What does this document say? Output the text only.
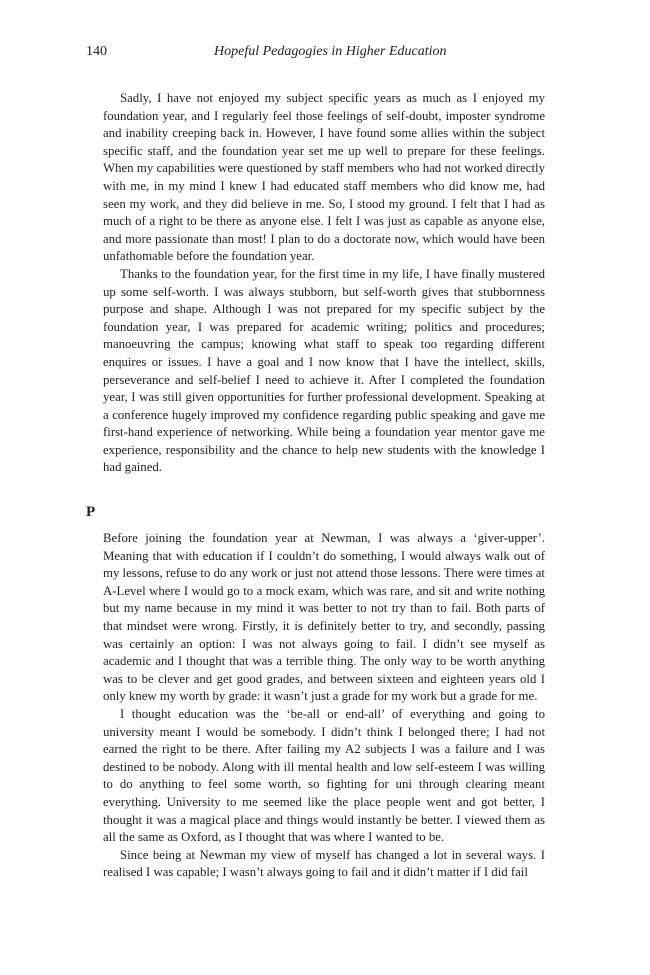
140	Hopeful Pedagogies in Higher Education

Sadly, I have not enjoyed my subject specific years as much as I enjoyed my foundation year, and I regularly feel those feelings of self-doubt, imposter syndrome and inability creeping back in. However, I have found some allies within the subject specific staff, and the foundation year set me up well to prepare for these feelings. When my capabilities were questioned by staff members who had not worked directly with me, in my mind I knew I had educated staff members who did know me, had seen my work, and they did believe in me. So, I stood my ground. I felt that I had as much of a right to be there as anyone else. I felt I was just as capable as anyone else, and more passionate than most! I plan to do a doctorate now, which would have been unfathomable before the foundation year.

Thanks to the foundation year, for the first time in my life, I have finally mustered up some self-worth. I was always stubborn, but self-worth gives that stubbornness purpose and shape. Although I was not prepared for my specific subject by the foundation year, I was prepared for academic writing; politics and procedures; manoeuvring the campus; knowing what staff to speak too regarding different enquires or issues. I have a goal and I now know that I have the intellect, skills, perseverance and self-belief I need to achieve it. After I completed the foundation year, I was still given opportunities for further professional development. Speaking at a conference hugely improved my confidence regarding public speaking and gave me first-hand experience of networking. While being a foundation year mentor gave me experience, responsibility and the chance to help new students with the knowledge I had gained.

P

Before joining the foundation year at Newman, I was always a ‘giver-upper’. Meaning that with education if I couldn’t do something, I would always walk out of my lessons, refuse to do any work or just not attend those lessons. There were times at A-Level where I would go to a mock exam, which was rare, and sit and write nothing but my name because in my mind it was better to not try than to fail. Both parts of that mindset were wrong. Firstly, it is definitely better to try, and secondly, passing was certainly an option: I was not always going to fail. I didn’t see myself as academic and I thought that was a terrible thing. The only way to be worth anything was to be clever and get good grades, and between sixteen and eighteen years old I only knew my worth by grade: it wasn’t just a grade for my work but a grade for me.

I thought education was the ‘be-all or end-all’ of everything and going to university meant I would be somebody. I didn’t think I belonged there; I had not earned the right to be there. After failing my A2 subjects I was a failure and I was destined to be nobody. Along with ill mental health and low self-esteem I was willing to do anything to feel some worth, so fighting for uni through clearing meant everything. University to me seemed like the place people went and got better, I thought it was a magical place and things would instantly be better. I viewed them as all the same as Oxford, as I thought that was where I wanted to be.

Since being at Newman my view of myself has changed a lot in several ways. I realised I was capable; I wasn’t always going to fail and it didn’t matter if I did fail
